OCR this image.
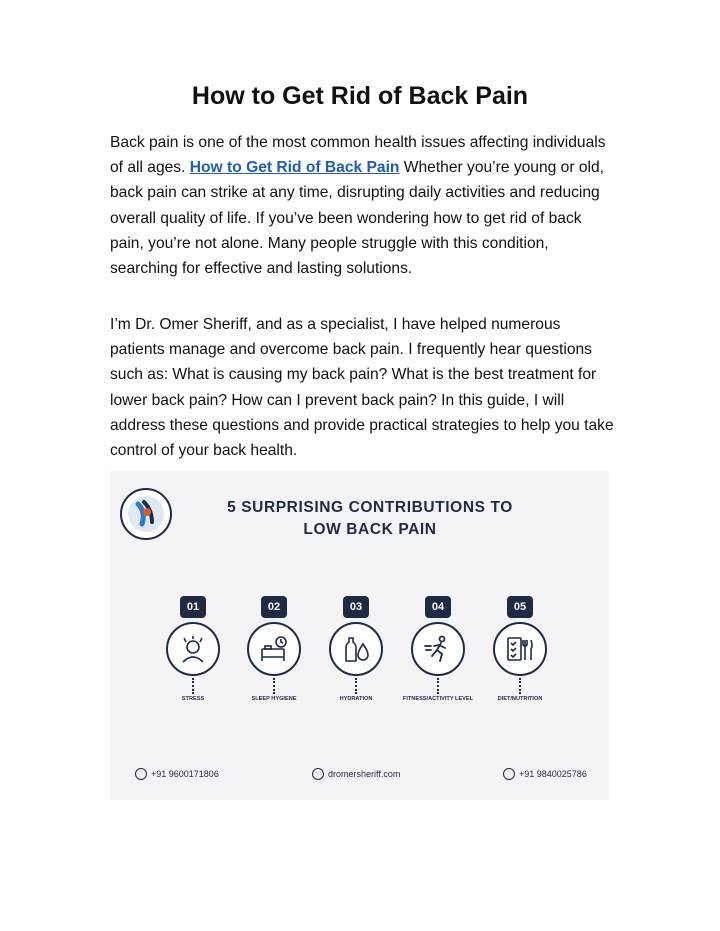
How to Get Rid of Back Pain

Back pain is one of the most common health issues affecting individuals of all ages. How to Get Rid of Back Pain Whether you’re young or old, back pain can strike at any time, disrupting daily activities and reducing overall quality of life. If you’ve been wondering how to get rid of back pain, you’re not alone. Many people struggle with this condition, searching for effective and lasting solutions.

I’m Dr. Omer Sheriff, and as a specialist, I have helped numerous patients manage and overcome back pain. I frequently hear questions such as: What is causing my back pain? What is the best treatment for lower back pain? How can I prevent back pain? In this guide, I will address these questions and provide practical strategies to help you take control of your back health.

5 SURPRISING CONTRIBUTIONS TO
LOW BACK PAIN
01
STRESS
02
SLEEP HYGIENE
03
HYDRATION
04
FITNESS/ACTIVITY LEVEL
05
DIET/NUTRITION
+91 9600171806	dromersheriff.com	+91 9840025786
